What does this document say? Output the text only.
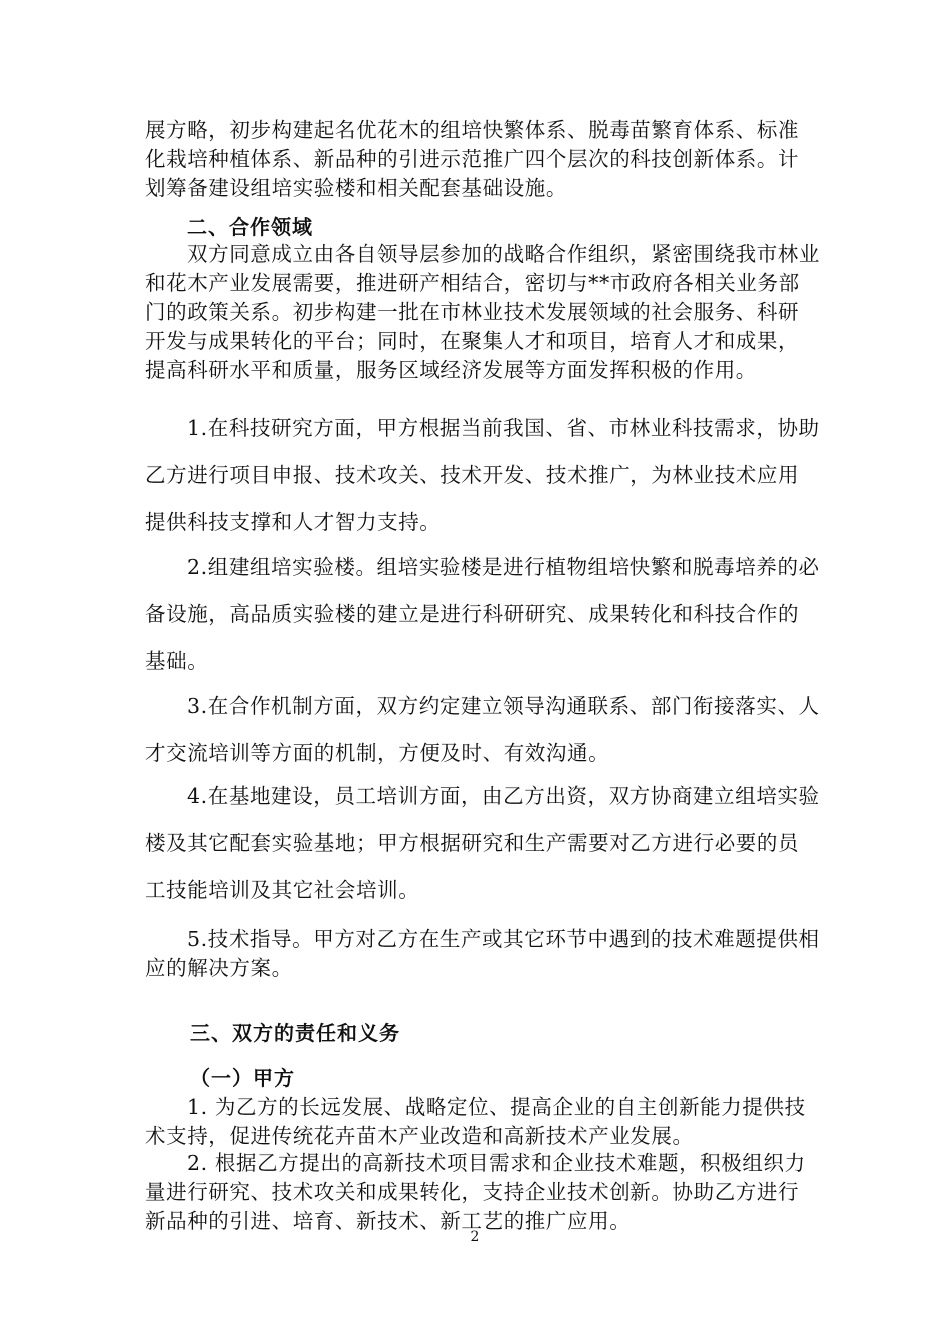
展方略，初步构建起名优花木的组培快繁体系、脱毒苗繁育体系、标准化栽培种植体系、新品种的引进示范推广四个层次的科技创新体系。计划筹备建设组培实验楼和相关配套基础设施。

二、合作领域

双方同意成立由各自领导层参加的战略合作组织，紧密围绕我市林业和花木产业发展需要，推进研产相结合，密切与**市政府各相关业务部门的政策关系。初步构建一批在市林业技术发展领域的社会服务、科研开发与成果转化的平台；同时，在聚集人才和项目，培育人才和成果，提高科研水平和质量，服务区域经济发展等方面发挥积极的作用。

1.在科技研究方面，甲方根据当前我国、省、市林业科技需求，协助乙方进行项目申报、技术攻关、技术开发、技术推广，为林业技术应用提供科技支撑和人才智力支持。

2.组建组培实验楼。组培实验楼是进行植物组培快繁和脱毒培养的必备设施，高品质实验楼的建立是进行科研研究、成果转化和科技合作的基础。

3.在合作机制方面，双方约定建立领导沟通联系、部门衔接落实、人才交流培训等方面的机制，方便及时、有效沟通。

4.在基地建设，员工培训方面，由乙方出资，双方协商建立组培实验楼及其它配套实验基地；甲方根据研究和生产需要对乙方进行必要的员工技能培训及其它社会培训。

5.技术指导。甲方对乙方在生产或其它环节中遇到的技术难题提供相应的解决方案。

三、双方的责任和义务
（一）甲方

1. 为乙方的长远发展、战略定位、提高企业的自主创新能力提供技术支持，促进传统花卉苗木产业改造和高新技术产业发展。

2. 根据乙方提出的高新技术项目需求和企业技术难题，积极组织力量进行研究、技术攻关和成果转化，支持企业技术创新。协助乙方进行新品种的引进、培育、新技术、新工艺的推广应用。

2
